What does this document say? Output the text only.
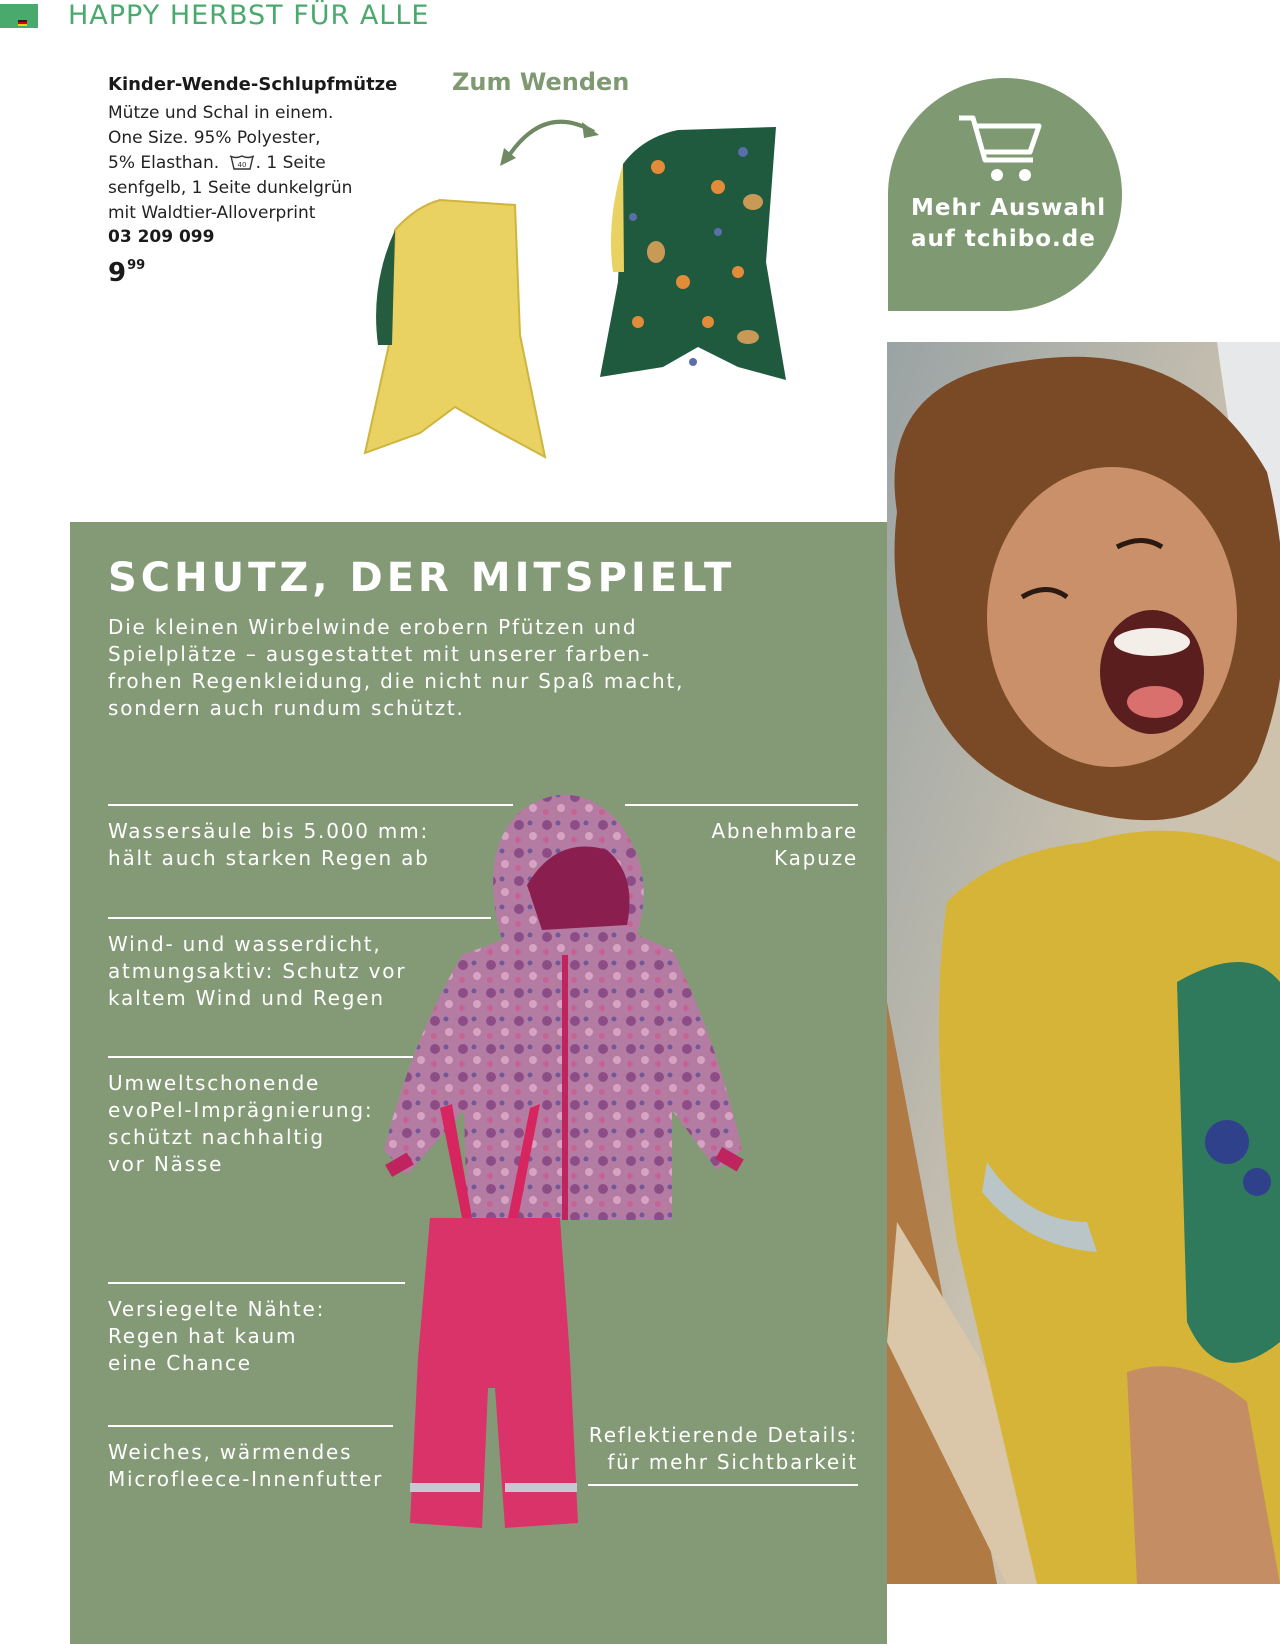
HAPPY HERBST FÜR ALLE
Kinder-Wende-Schlupfmütze
Mütze und Schal in einem.
One Size. 95% Polyester,
5% Elasthan.	40 . 1 Seite
senfgelb, 1 Seite dunkelgrün
mit Waldtier-Alloverprint
03 209 099
$9^{99}$
Zum Wenden
Mehr Auswahl
auf tchibo.de
SCHUTZ, DER MITSPIELT
Die kleinen Wirbelwinde erobern Pfützen und
Spielplätze – ausgestattet mit unserer farben-
frohen Regenkleidung, die nicht nur Spaß macht,
sondern auch rundum schützt.
Wassersäule bis 5.000 mm:
hält auch starken Regen ab
Abnehmbare
Kapuze
Wind- und wasserdicht,
atmungsaktiv: Schutz vor
kaltem Wind und Regen
Umweltschonende
evoPel-Imprägnierung:
schützt nachhaltig
vor Nässe
Versiegelte Nähte:
Regen hat kaum
eine Chance
Weiches, wärmendes
Microfleece-Innenfutter
Reflektierende Details:
für mehr Sichtbarkeit
